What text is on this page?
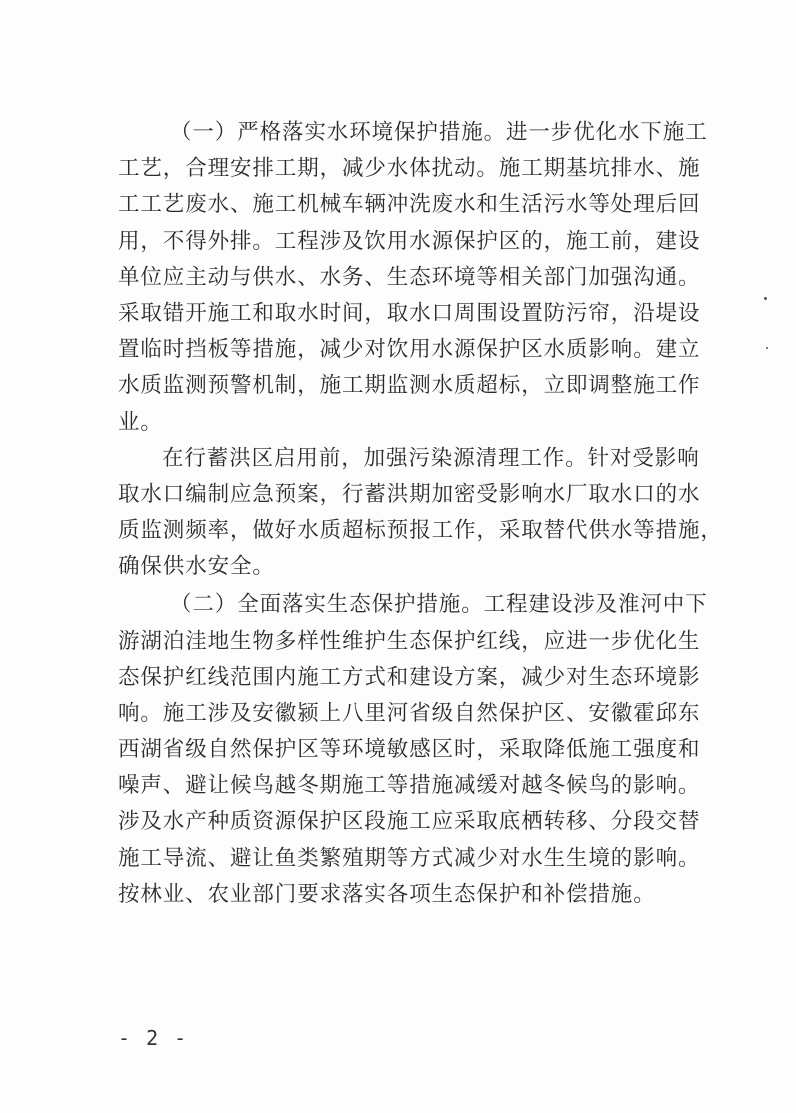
（一）严格落实水环境保护措施。进一步优化水下施工
工艺，合理安排工期，减少水体扰动。施工期基坑排水、施
工工艺废水、施工机械车辆冲洗废水和生活污水等处理后回
用，不得外排。工程涉及饮用水源保护区的，施工前，建设
单位应主动与供水、水务、生态环境等相关部门加强沟通。
采取错开施工和取水时间，取水口周围设置防污帘，沿堤设
置临时挡板等措施，减少对饮用水源保护区水质影响。建立
水质监测预警机制，施工期监测水质超标，立即调整施工作
业。
在行蓄洪区启用前，加强污染源清理工作。针对受影响
取水口编制应急预案，行蓄洪期加密受影响水厂取水口的水
质监测频率，做好水质超标预报工作，采取替代供水等措施，
确保供水安全。
（二）全面落实生态保护措施。工程建设涉及淮河中下
游湖泊洼地生物多样性维护生态保护红线，应进一步优化生
态保护红线范围内施工方式和建设方案，减少对生态环境影
响。施工涉及安徽颍上八里河省级自然保护区、安徽霍邱东
西湖省级自然保护区等环境敏感区时，采取降低施工强度和
噪声、避让候鸟越冬期施工等措施减缓对越冬候鸟的影响。
涉及水产种质资源保护区段施工应采取底栖转移、分段交替
施工导流、避让鱼类繁殖期等方式减少对水生生境的影响。
按林业、农业部门要求落实各项生态保护和补偿措施。
- 2 -
